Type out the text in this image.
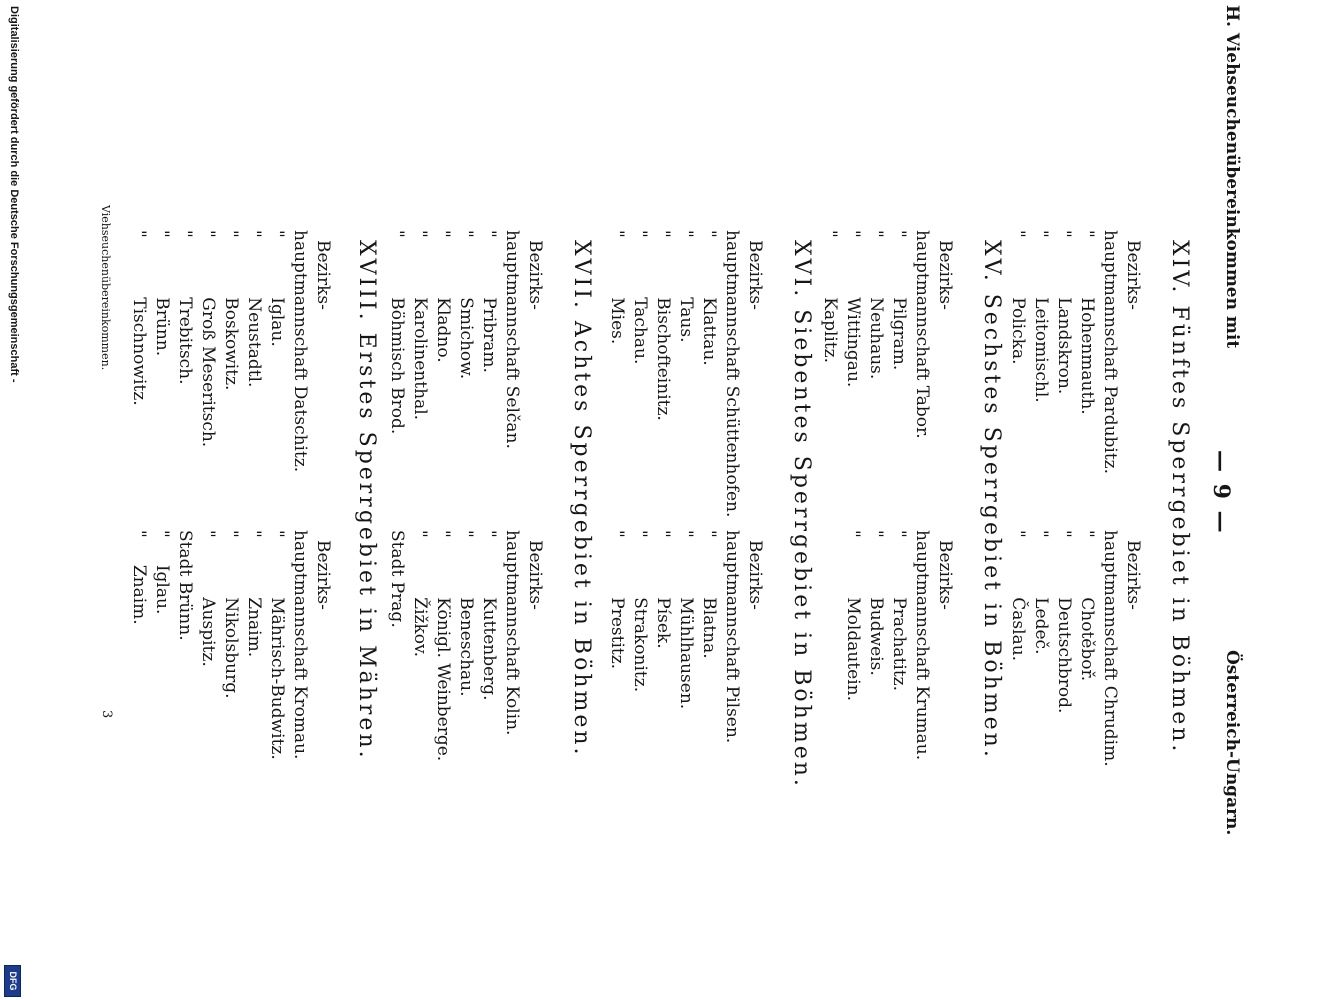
H. Viehseuchenübereinkommen mit
— 9 —
Österreich-Ungarn.
XIV. Fünftes Sperrgebiet in Böhmen.
Bezirks-
hauptmannschaft Pardubitz.
"           Hohenmauth.
"           Landskron.
"           Leitomischl.
"           Policka.
Bezirks-
hauptmannschaft Chrudim.
"           Chotěboř.
"           Deutschbrod.
"           Ledeč.
"           Časlau.
XV. Sechstes Sperrgebiet in Böhmen.
Bezirks-
hauptmannschaft Tabor.
"           Pilgram.
"           Neuhaus.
"           Wittingau.
"           Kaplitz.
Bezirks-
hauptmannschaft Krumau.
"           Prachatitz.
"           Budweis.
"           Moldautein.
XVI. Siebentes Sperrgebiet in Böhmen.
Bezirks-
hauptmannschaft Schüttenhofen.
"           Klattau.
"           Taus.
"           Bischofteinitz.
"           Tachau.
"           Mies.
Bezirks-
hauptmannschaft Pilsen.
"           Blatna.
"           Mühlhausen.
"           Písek.
"           Strakonitz.
"           Prestitz.
XVII. Achtes Sperrgebiet in Böhmen.
Bezirks-
hauptmannschaft Selčan.
"           Pribram.
"           Smichow.
"           Kladno.
"           Karolinenthal.
"           Böhmisch Brod.
Bezirks-
hauptmannschaft Kolin.
"           Kuttenberg.
"           Beneschau.
"           Königl. Weinberge.
"           Žižkov.
Stadt Prag.
XVIII. Erstes Sperrgebiet in Mähren.
Bezirks-
hauptmannschaft Datschitz.
"           Iglau.
"           Neustadtl.
"           Boskowitz.
"           Groß Meseritsch.
"           Trebitsch.
"           Brünn.
"           Tischnowitz.
Bezirks-
hauptmannschaft Kromau.
"           Mährisch-Budwitz.
"           Znaim.
"           Nikolsburg.
"           Auspitz.
Stadt Brünn.
"     Iglau.
"     Znaim.
Viehseuchenübereinkommen.
3
Digitalisierung gefördert durch die Deutsche Forschungsgemeinschaft -
DFG
